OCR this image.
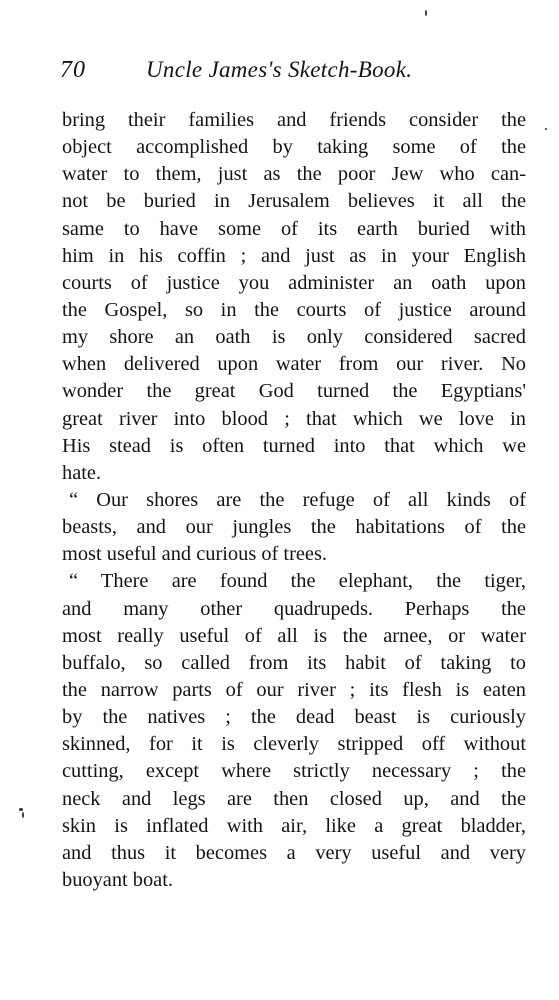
70	Uncle James's Sketch-Book.
bring their families and friends consider the
object accomplished by taking some of the
water to them, just as the poor Jew who can-
not be buried in Jerusalem believes it all the
same to have some of its earth buried with
him in his coffin ; and just as in your English
courts of justice you administer an oath upon
the Gospel, so in the courts of justice around
my shore an oath is only considered sacred
when delivered upon water from our river. No
wonder the great God turned the Egyptians'
great river into blood ; that which we love in
His stead is often turned into that which we
hate.
“ Our shores are the refuge of all kinds of
beasts, and our jungles the habitations of the
most useful and curious of trees.
“ There are found the elephant, the tiger,
and many other quadrupeds. Perhaps the
most really useful of all is the arnee, or water
buffalo, so called from its habit of taking to
the narrow parts of our river ; its flesh is eaten
by the natives ; the dead beast is curiously
skinned, for it is cleverly stripped off without
cutting, except where strictly necessary ; the
neck and legs are then closed up, and the
skin is inflated with air, like a great bladder,
and thus it becomes a very useful and very
buoyant boat.
